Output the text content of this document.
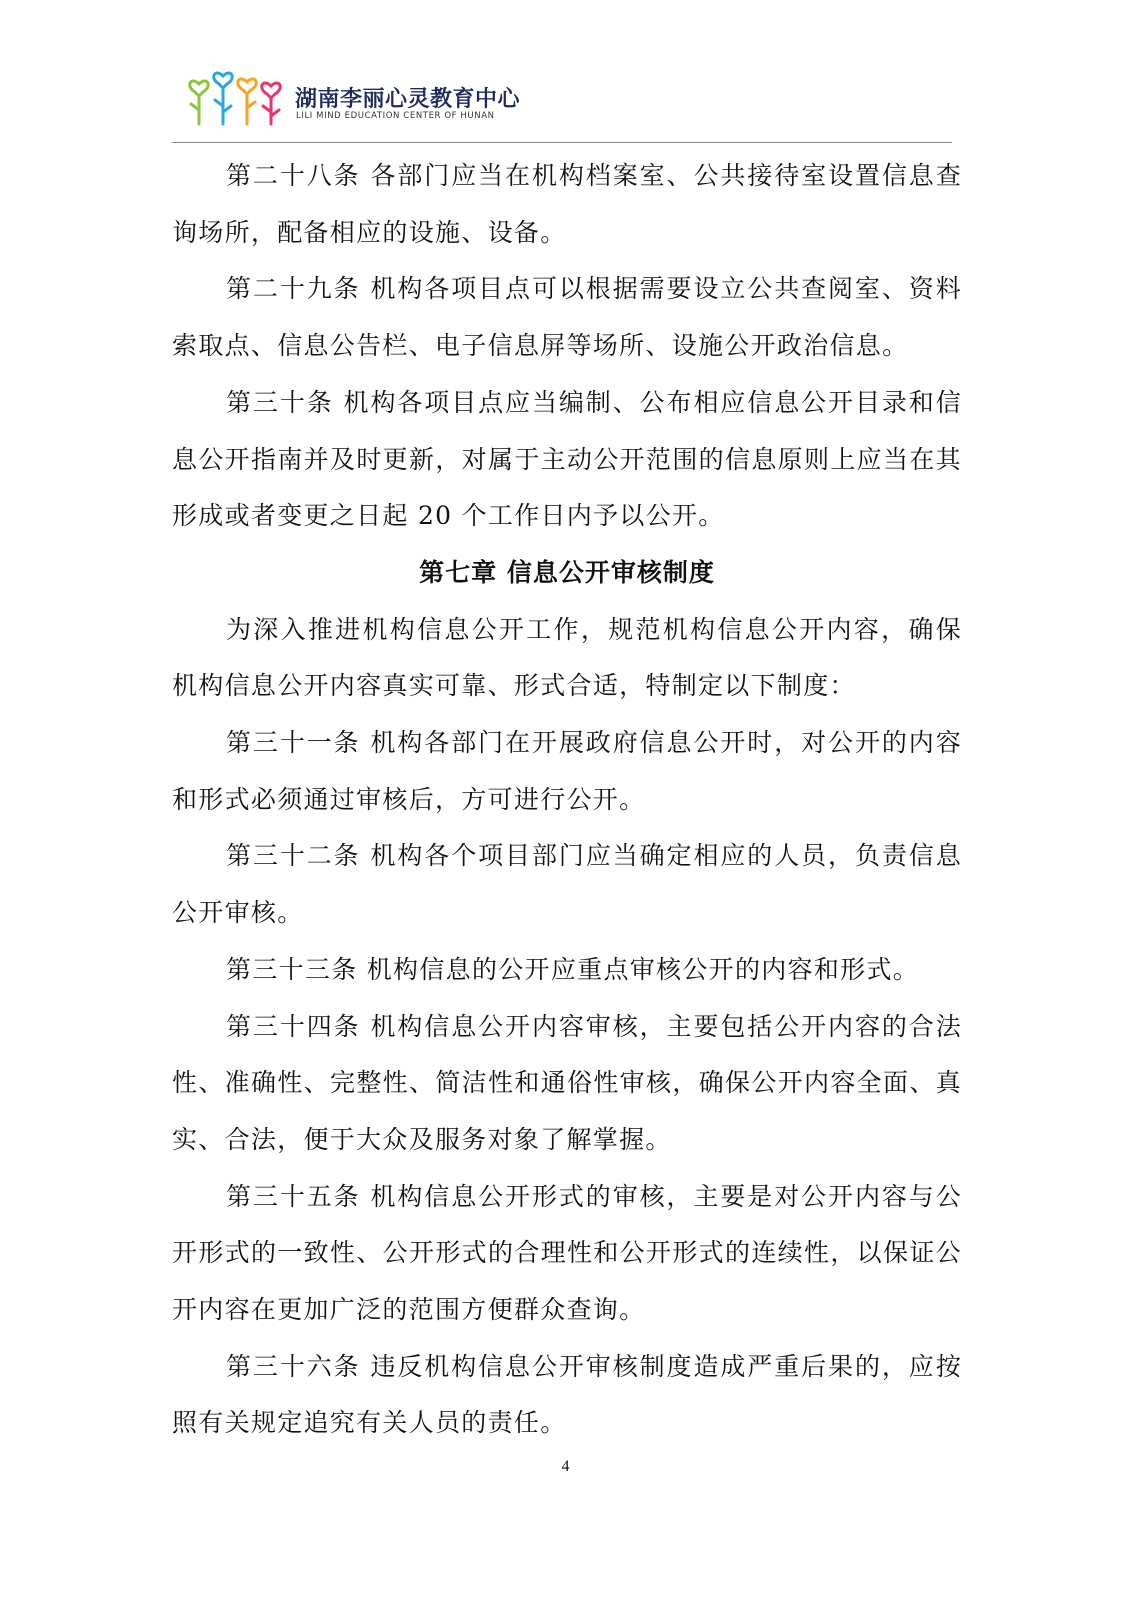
湖南李丽心灵教育中心
LILI MIND EDUCATION CENTER OF HUNAN

第二十八条 各部门应当在机构档案室、公共接待室设置信息查询场所，配备相应的设施、设备。

第二十九条 机构各项目点可以根据需要设立公共查阅室、资料索取点、信息公告栏、电子信息屏等场所、设施公开政治信息。

第三十条 机构各项目点应当编制、公布相应信息公开目录和信息公开指南并及时更新，对属于主动公开范围的信息原则上应当在其形成或者变更之日起 20 个工作日内予以公开。

第七章 信息公开审核制度

为深入推进机构信息公开工作，规范机构信息公开内容，确保机构信息公开内容真实可靠、形式合适，特制定以下制度：

第三十一条 机构各部门在开展政府信息公开时，对公开的内容和形式必须通过审核后，方可进行公开。

第三十二条 机构各个项目部门应当确定相应的人员，负责信息公开审核。

第三十三条 机构信息的公开应重点审核公开的内容和形式。

第三十四条 机构信息公开内容审核，主要包括公开内容的合法性、准确性、完整性、简洁性和通俗性审核，确保公开内容全面、真实、合法，便于大众及服务对象了解掌握。

第三十五条 机构信息公开形式的审核，主要是对公开内容与公开形式的一致性、公开形式的合理性和公开形式的连续性，以保证公开内容在更加广泛的范围方便群众查询。

第三十六条 违反机构信息公开审核制度造成严重后果的，应按照有关规定追究有关人员的责任。

4
